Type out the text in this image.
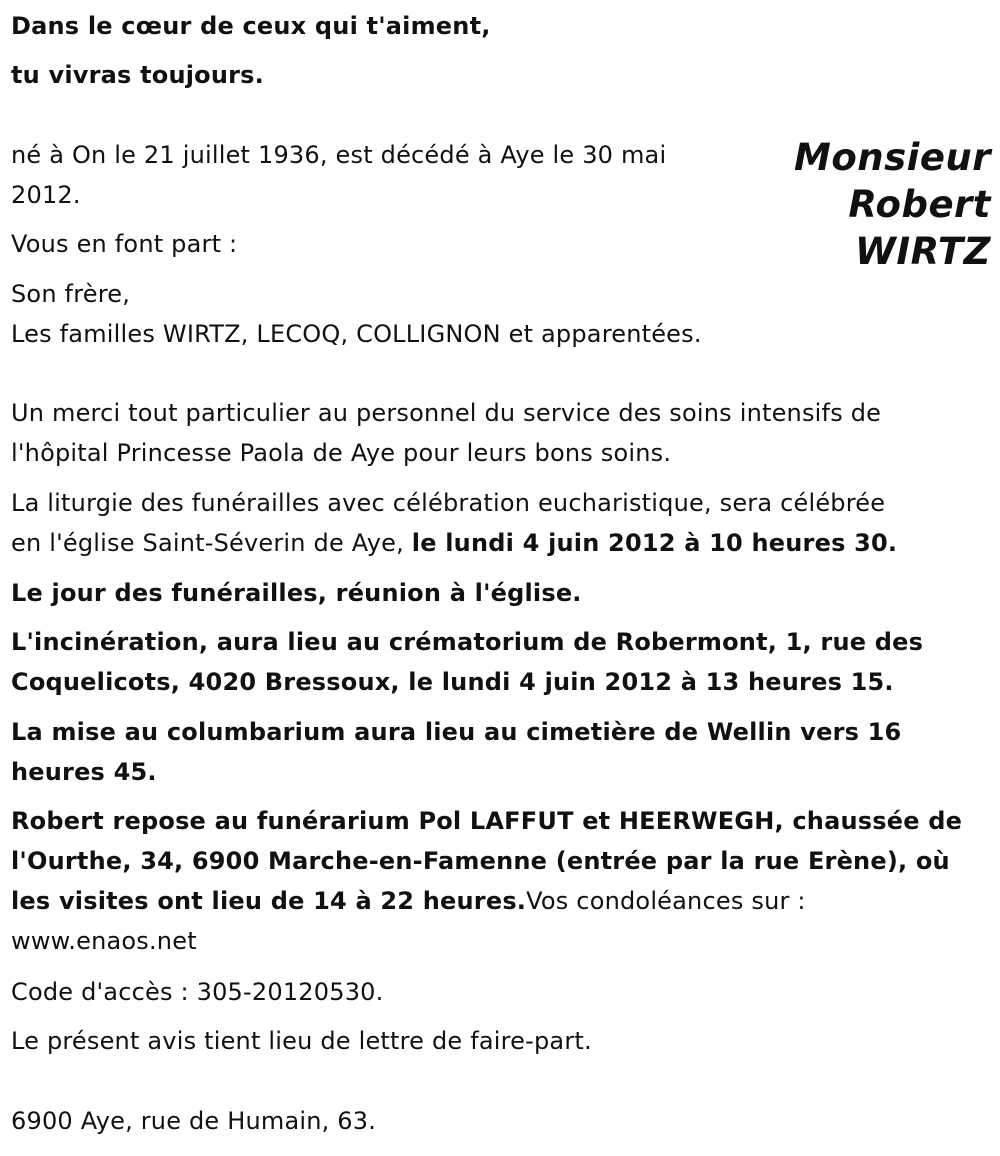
Dans le cœur de ceux qui t'aiment,
tu vivras toujours.
Monsieur
Robert
WIRTZ
né à On le 21 juillet 1936, est décédé à Aye le 30 mai
2012.
Vous en font part :
Son frère,
Les familles WIRTZ, LECOQ, COLLIGNON et apparentées.
Un merci tout particulier au personnel du service des soins intensifs de
l'hôpital Princesse Paola de Aye pour leurs bons soins.
La liturgie des funérailles avec célébration eucharistique, sera célébrée
en l'église Saint-Séverin de Aye, le lundi 4 juin 2012 à 10 heures 30.
Le jour des funérailles, réunion à l'église.
L'incinération, aura lieu au crématorium de Robermont, 1, rue des
Coquelicots, 4020 Bressoux, le lundi 4 juin 2012 à 13 heures 15.
La mise au columbarium aura lieu au cimetière de Wellin vers 16
heures 45.
Robert repose au funérarium Pol LAFFUT et HEERWEGH, chaussée de
l'Ourthe, 34, 6900 Marche-en-Famenne (entrée par la rue Erène), où
les visites ont lieu de 14 à 22 heures.Vos condoléances sur :
www.enaos.net
Code d'accès : 305-20120530.
Le présent avis tient lieu de lettre de faire-part.
6900 Aye, rue de Humain, 63.
